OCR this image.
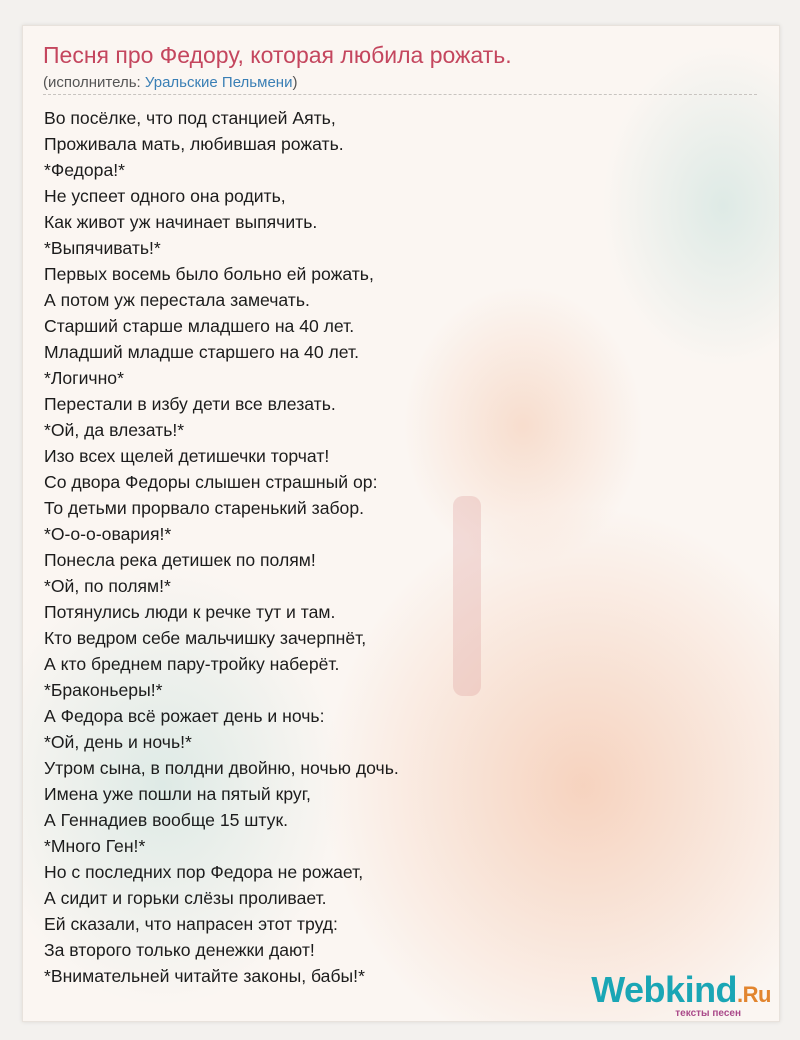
Песня про Федору, которая любила рожать.
(исполнитель: Уральские Пельмени)
Во посёлке, что под станцией Аять,
Проживала мать, любившая рожать.
*Федора!*
Не успеет одного она родить,
Как живот уж начинает выпячить.
*Выпячивать!*
Первых восемь было больно ей рожать,
А потом уж перестала замечать.
Старший старше младшего на 40 лет.
Младший младше старшего на 40 лет.
*Логично*
Перестали в избу дети все влезать.
*Ой, да влезать!*
Изо всех щелей детишечки торчат!
Со двора Федоры слышен страшный ор:
То детьми прорвало старенький забор.
*О-о-о-овария!*
Понесла река детишек по полям!
*Ой, по полям!*
Потянулись люди к речке тут и там.
Кто ведром себе мальчишку зачерпнёт,
А кто бреднем пару-тройку наберёт.
*Браконьеры!*
А Федора всё рожает день и ночь:
*Ой, день и ночь!*
Утром сына, в полдни двойню, ночью дочь.
Имена уже пошли на пятый круг,
А Геннадиев вообще 15 штук.
*Много Ген!*
Но с последних пор Федора не рожает,
А сидит и горьки слёзы проливает.
Ей сказали, что напрасен этот труд:
За второго только денежки дают!
*Внимательней читайте законы, бабы!*	Webkind.Ru
тексты песен
